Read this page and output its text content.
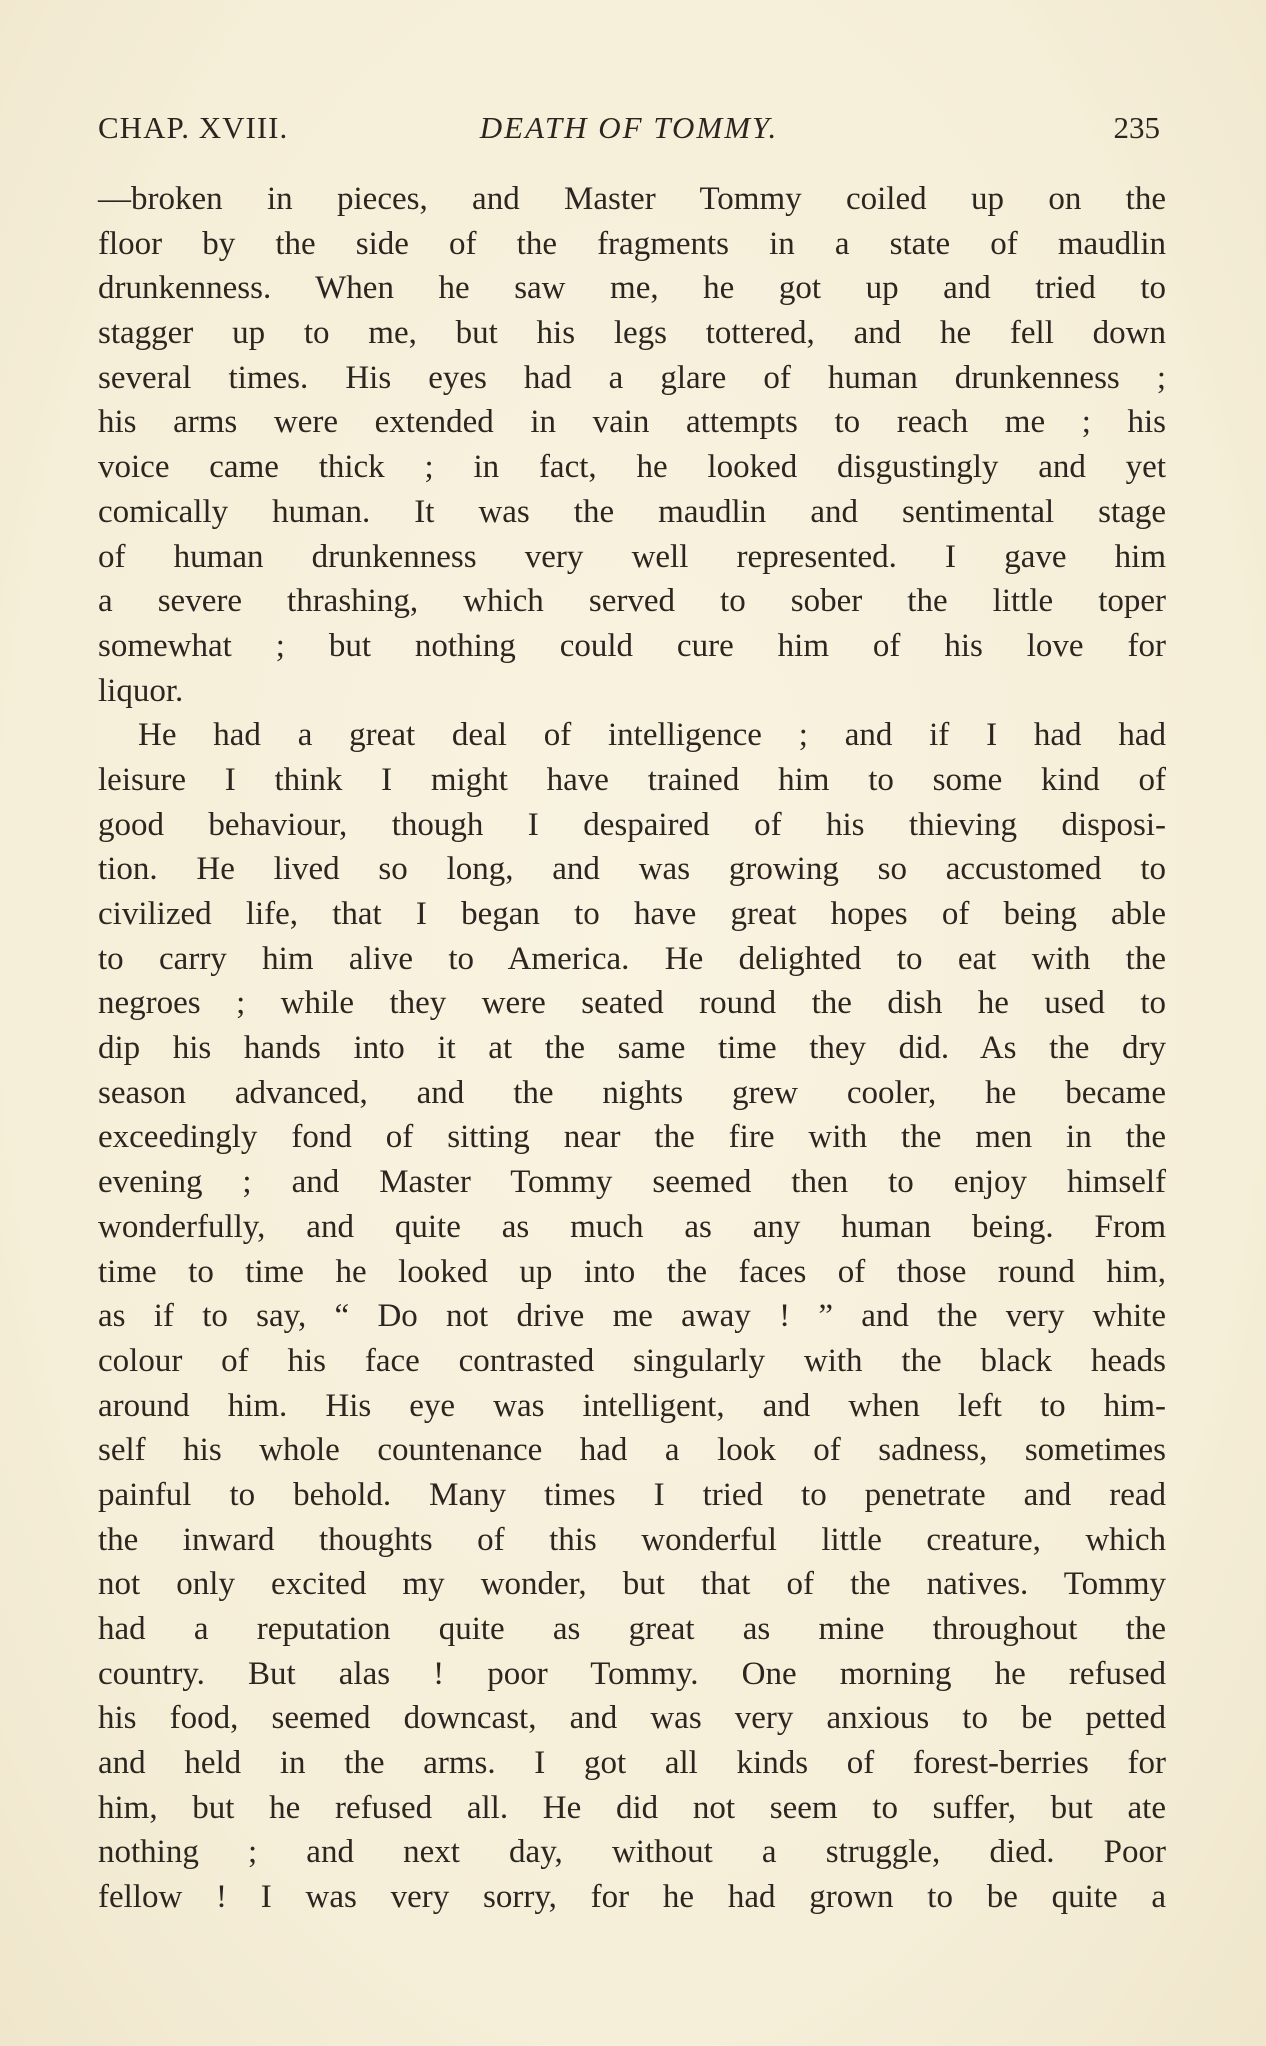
CHAP. XVIII.	DEATH OF TOMMY.	235
—broken in pieces, and Master Tommy coiled up on the
floor by the side of the fragments in a state of maudlin
drunkenness. When he saw me, he got up and tried to
stagger up to me, but his legs tottered, and he fell down
several times. His eyes had a glare of human drunkenness ;
his arms were extended in vain attempts to reach me ; his
voice came thick ; in fact, he looked disgustingly and yet
comically human. It was the maudlin and sentimental stage
of human drunkenness very well represented. I gave him
a severe thrashing, which served to sober the little toper
somewhat ; but nothing could cure him of his love for
liquor.
He had a great deal of intelligence ; and if I had had
leisure I think I might have trained him to some kind of
good behaviour, though I despaired of his thieving disposi-
tion. He lived so long, and was growing so accustomed to
civilized life, that I began to have great hopes of being able
to carry him alive to America. He delighted to eat with the
negroes ; while they were seated round the dish he used to
dip his hands into it at the same time they did. As the dry
season advanced, and the nights grew cooler, he became
exceedingly fond of sitting near the fire with the men in the
evening ; and Master Tommy seemed then to enjoy himself
wonderfully, and quite as much as any human being. From
time to time he looked up into the faces of those round him,
as if to say, “ Do not drive me away ! ” and the very white
colour of his face contrasted singularly with the black heads
around him. His eye was intelligent, and when left to him-
self his whole countenance had a look of sadness, sometimes
painful to behold. Many times I tried to penetrate and read
the inward thoughts of this wonderful little creature, which
not only excited my wonder, but that of the natives. Tommy
had a reputation quite as great as mine throughout the
country. But alas ! poor Tommy. One morning he refused
his food, seemed downcast, and was very anxious to be petted
and held in the arms. I got all kinds of forest-berries for
him, but he refused all. He did not seem to suffer, but ate
nothing ; and next day, without a struggle, died. Poor
fellow ! I was very sorry, for he had grown to be quite a
